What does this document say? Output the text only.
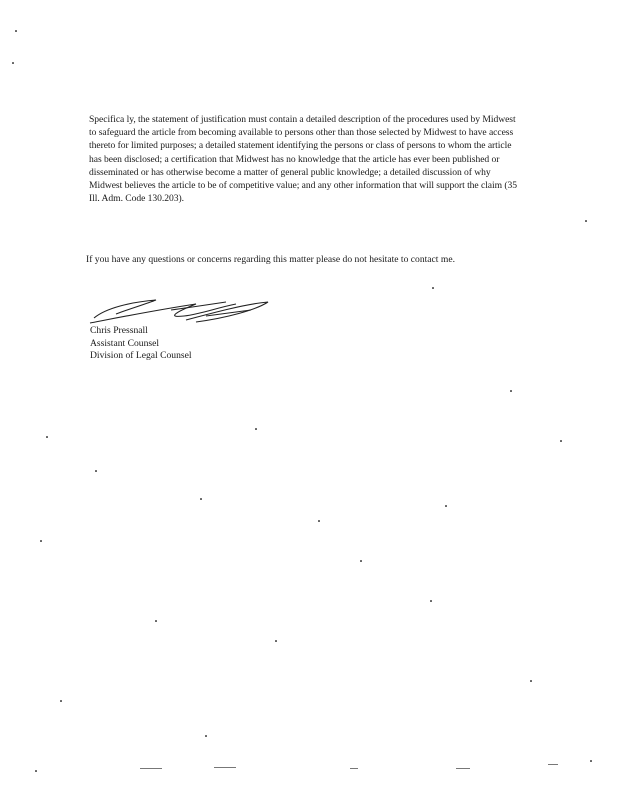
Specifica ly, the statement of justification must contain a detailed description of the procedures used by Midwest to safeguard the article from becoming available to persons other than those selected by Midwest to have access thereto for limited purposes; a detailed statement identifying the persons or class of persons to whom the article has been disclosed; a certification that Midwest has no knowledge that the article has ever been published or disseminated or has otherwise become a matter of general public knowledge; a detailed discussion of why Midwest believes the article to be of competitive value; and any other information that will support the claim (35 Ill. Adm. Code 130.203).

If you have any questions or concerns regarding this matter please do not hesitate to contact me.

Chris Pressnall
Assistant Counsel
Division of Legal Counsel
